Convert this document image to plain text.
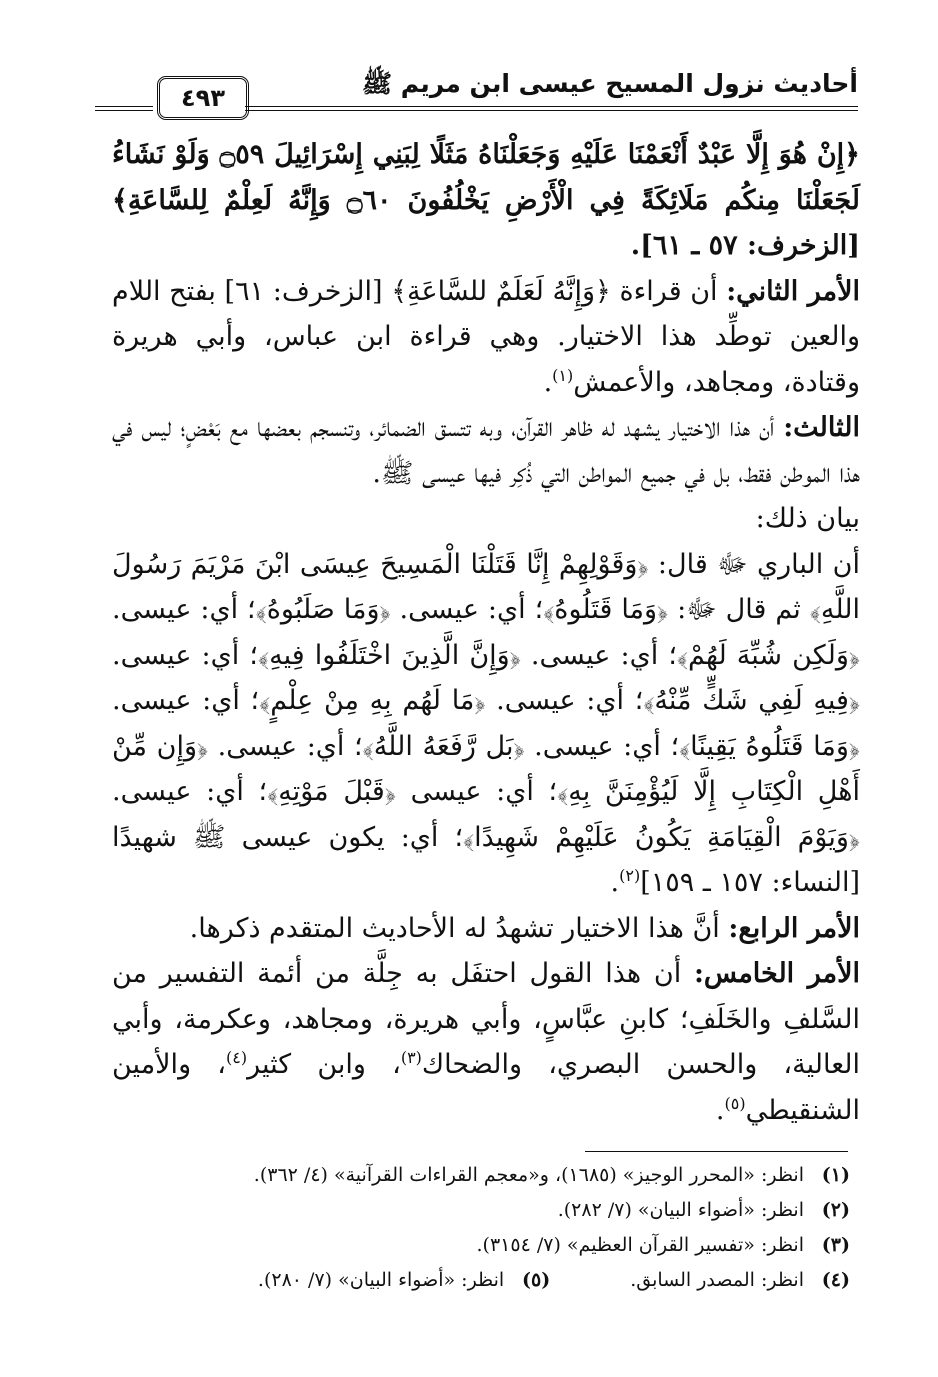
أحاديث نزول المسيح عيسى ابن مريم ﷺ
٤٩٣

﴿إِنْ هُوَ إِلَّا عَبْدٌ أَنْعَمْنَا عَلَيْهِ وَجَعَلْنَاهُ مَثَلًا لِبَنِي إِسْرَائِيلَ ۝٥٩ وَلَوْ نَشَاءُ لَجَعَلْنَا مِنكُم مَلَائِكَةً فِي الْأَرْضِ يَخْلُفُونَ ۝٦٠ وَإِنَّهُ لَعِلْمٌ لِلسَّاعَةِ﴾ [الزخرف: ٥٧ ـ ٦١].

الأمر الثاني: أن قراءة ﴿وَإِنَّهُ لَعَلَمٌ للسَّاعَةِ﴾ [الزخرف: ٦١] بفتح اللام والعين توطِّد هذا الاختيار. وهي قراءة ابن عباس، وأبي هريرة وقتادة، ومجاهد، والأعمش$^{(١)}$.

الثالث: أن هذا الاختيار يشهد له ظاهر القرآن، وبه تتسق الضمائر، وتنسجم بعضها مع بَعْضٍ؛ ليس في هذا الموطن فقط، بل في جميع المواطن التي ذُكِر فيها عيسى ﷺ.

بيان ذلك:

أن الباري ﷻ قال: ﴿وَقَوْلِهِمْ إِنَّا قَتَلْنَا الْمَسِيحَ عِيسَى ابْنَ مَرْيَمَ رَسُولَ اللَّهِ﴾ ثم قال ﷻ: ﴿وَمَا قَتَلُوهُ﴾؛ أي: عيسى. ﴿وَمَا صَلَبُوهُ﴾؛ أي: عيسى. ﴿وَلَكِن شُبِّهَ لَهُمْ﴾؛ أي: عيسى. ﴿وَإِنَّ الَّذِينَ اخْتَلَفُوا فِيهِ﴾؛ أي: عيسى. ﴿فِيهِ لَفِي شَكٍّ مِّنْهُ﴾؛ أي: عيسى. ﴿مَا لَهُم بِهِ مِنْ عِلْمٍ﴾؛ أي: عيسى. ﴿وَمَا قَتَلُوهُ يَقِينًا﴾؛ أي: عيسى. ﴿بَل رَّفَعَهُ اللَّهُ﴾؛ أي: عيسى. ﴿وَإِن مِّنْ أَهْلِ الْكِتَابِ إِلَّا لَيُؤْمِنَنَّ بِهِ﴾؛ أي: عيسى ﴿قَبْلَ مَوْتِهِ﴾؛ أي: عيسى. ﴿وَيَوْمَ الْقِيَامَةِ يَكُونُ عَلَيْهِمْ شَهِيدًا﴾؛ أي: يكون عيسى ﷺ شهيدًا [النساء: ١٥٧ ـ ١٥٩]$^{(٢)}$.

الأمر الرابع: أنَّ هذا الاختيار تشهدُ له الأحاديث المتقدم ذكرها.

الأمر الخامس: أن هذا القول احتفَل به جِلَّة من أئمة التفسير من السَّلفِ والخَلَفِ؛ كابنِ عبَّاسٍ، وأبي هريرة، ومجاهد، وعكرمة، وأبي العالية، والحسن البصري، والضحاك$^{(٣)}$، وابن كثير$^{(٤)}$، والأمين الشنقيطي$^{(٥)}$.

(١)
انظر: «المحرر الوجيز» (١٦٨٥)، و«معجم القراءات القرآنية» (٤/ ٣٦٢).
(٢)
انظر: «أضواء البيان» (٧/ ٢٨٢).
(٣)
انظر: «تفسير القرآن العظيم» (٧/ ٣١٥٤).
(٤)
انظر: المصدر السابق.
(٥)
انظر: «أضواء البيان» (٧/ ٢٨٠).
